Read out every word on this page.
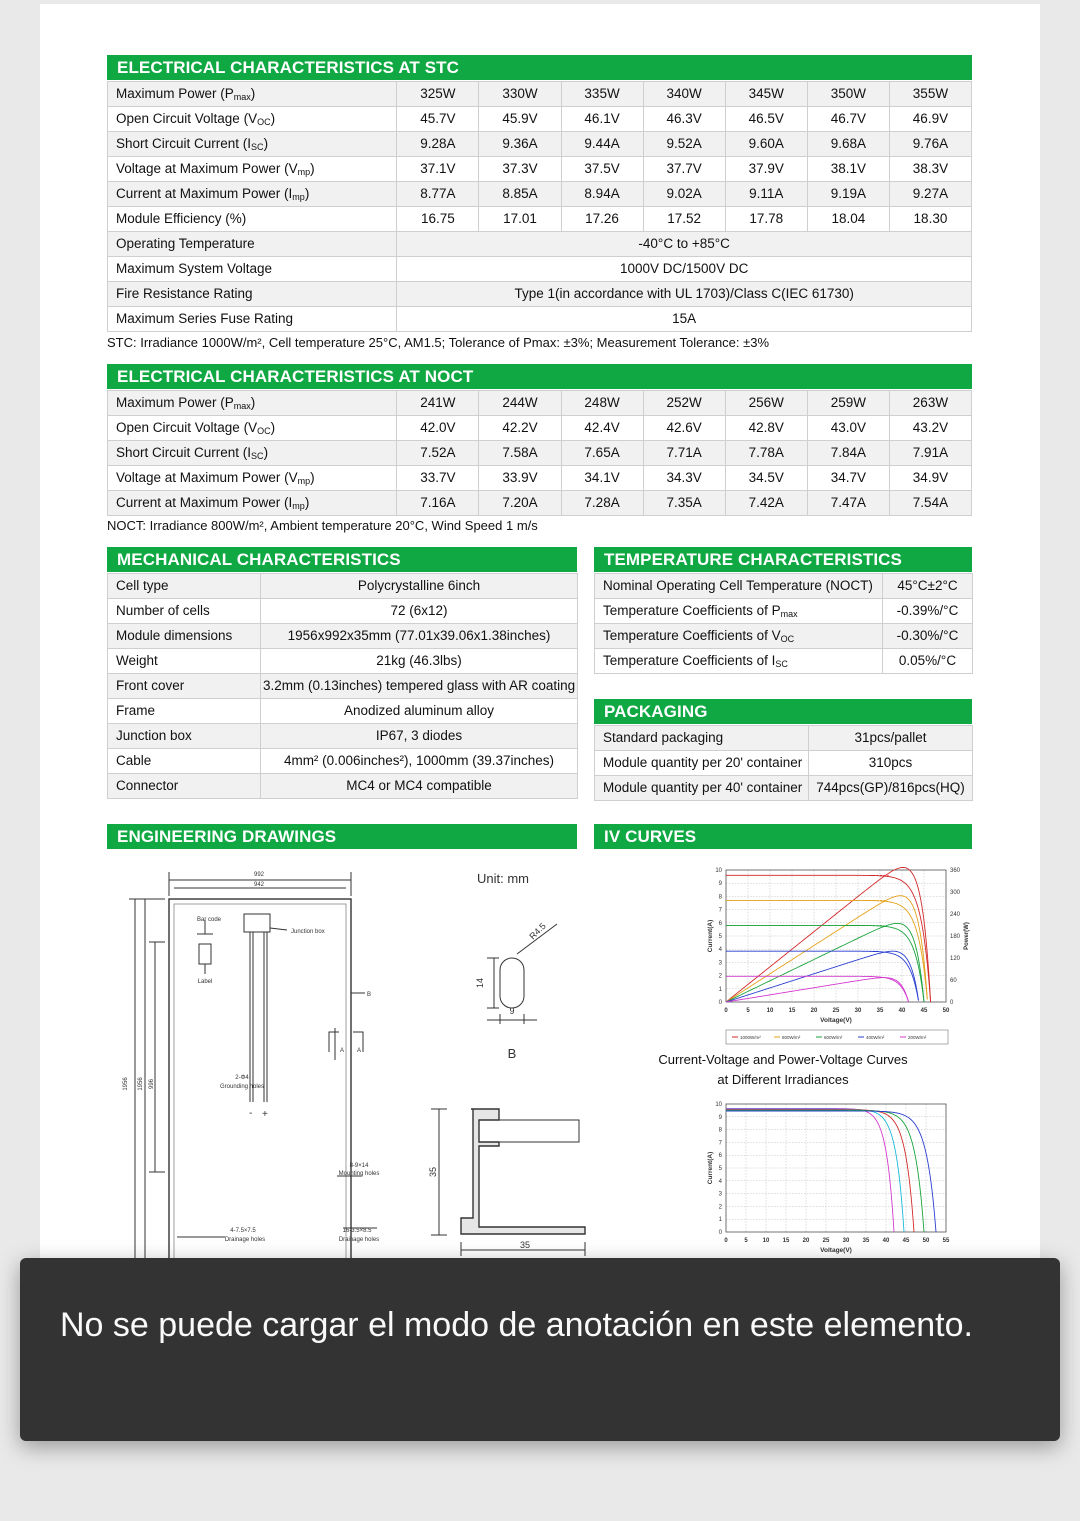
ELECTRICAL CHARACTERISTICS AT STC
Maximum Power $(P_{max})$	325W	330W	335W	340W	345W	350W	355W
Open Circuit Voltage $(V_{OC})$	45.7V	45.9V	46.1V	46.3V	46.5V	46.7V	46.9V
Short Circuit Current $(I_{SC})$	9.28A	9.36A	9.44A	9.52A	9.60A	9.68A	9.76A
Voltage at Maximum Power $(V_{mp})$	37.1V	37.3V	37.5V	37.7V	37.9V	38.1V	38.3V
Current at Maximum Power $(I_{mp})$	8.77A	8.85A	8.94A	9.02A	9.11A	9.19A	9.27A
Module Efficiency (%)	16.75	17.01	17.26	17.52	17.78	18.04	18.30
Operating Temperature	-40°C to +85°C						
Maximum System Voltage	1000V DC/1500V DC						
Fire Resistance Rating	Type 1(in accordance with UL 1703)/Class C(IEC 61730)						
Maximum Series Fuse Rating	15A						
STC: Irradiance 1000W/m², Cell temperature 25°C, AM1.5; Tolerance of Pmax: ±3%; Measurement Tolerance: ±3%
ELECTRICAL CHARACTERISTICS AT NOCT
Maximum Power $(P_{max})$	241W	244W	248W	252W	256W	259W	263W
Open Circuit Voltage $(V_{OC})$	42.0V	42.2V	42.4V	42.6V	42.8V	43.0V	43.2V
Short Circuit Current $(I_{SC})$	7.52A	7.58A	7.65A	7.71A	7.78A	7.84A	7.91A
Voltage at Maximum Power $(V_{mp})$	33.7V	33.9V	34.1V	34.3V	34.5V	34.7V	34.9V
Current at Maximum Power $(I_{mp})$	7.16A	7.20A	7.28A	7.35A	7.42A	7.47A	7.54A
NOCT: Irradiance 800W/m², Ambient temperature 20°C, Wind Speed 1 m/s
MECHANICAL CHARACTERISTICS
Cell type	Polycrystalline 6inch
Number of cells	72 (6x12)
Module dimensions	1956x992x35mm (77.01x39.06x1.38inches)
Weight	21kg (46.3lbs)
Front cover	3.2mm (0.13inches) tempered glass with AR coating
Frame	Anodized aluminum alloy
Junction box	IP67, 3 diodes
Cable	4mm² (0.006inches²), 1000mm (39.37inches)
Connector	MC4 or MC4 compatible
TEMPERATURE CHARACTERISTICS
Nominal Operating Cell Temperature (NOCT)	45°C±2°C
Temperature Coefficients of $P_{max}$	-0.39%/°C
Temperature Coefficients of $V_{OC}$	-0.30%/°C
Temperature Coefficients of $I_{SC}$	0.05%/°C
PACKAGING
Standard packaging	31pcs/pallet
Module quantity per 20' container	310pcs
Module quantity per 40' container	744pcs(GP)/816pcs(HQ)
ENGINEERING DRAWINGS
992
942
Bar code
Junction box
Label
A A
B
2-Φ4
Grounding holes
8-9×14
Mounting holes
4-7.5×7.5
Drainage holes
16-3.5×8.5
Drainage holes
1956 1956 996
- +
Unit: mm
B
R4.5
14
9
35
35
IV CURVES
0	5	10	15	20	25	30	35	40	45	50
0
1
2
3
4
5
6
7
8
9
10
0
60
120
180
240
300
360
Power(W)
Voltage(V)
Current(A)
1000W/m²	800W/m²	600W/m²	400W/m²	200W/m²
Current-Voltage and Power-Voltage Curves
at Different Irradiances
0	5 10 15 20 25 30 35 40 45 50 55
0
1
2
3
4
5
6
7
8
9
10
Voltage(V)
Current(A)
No se puede cargar el modo de anotación en este elemento.
